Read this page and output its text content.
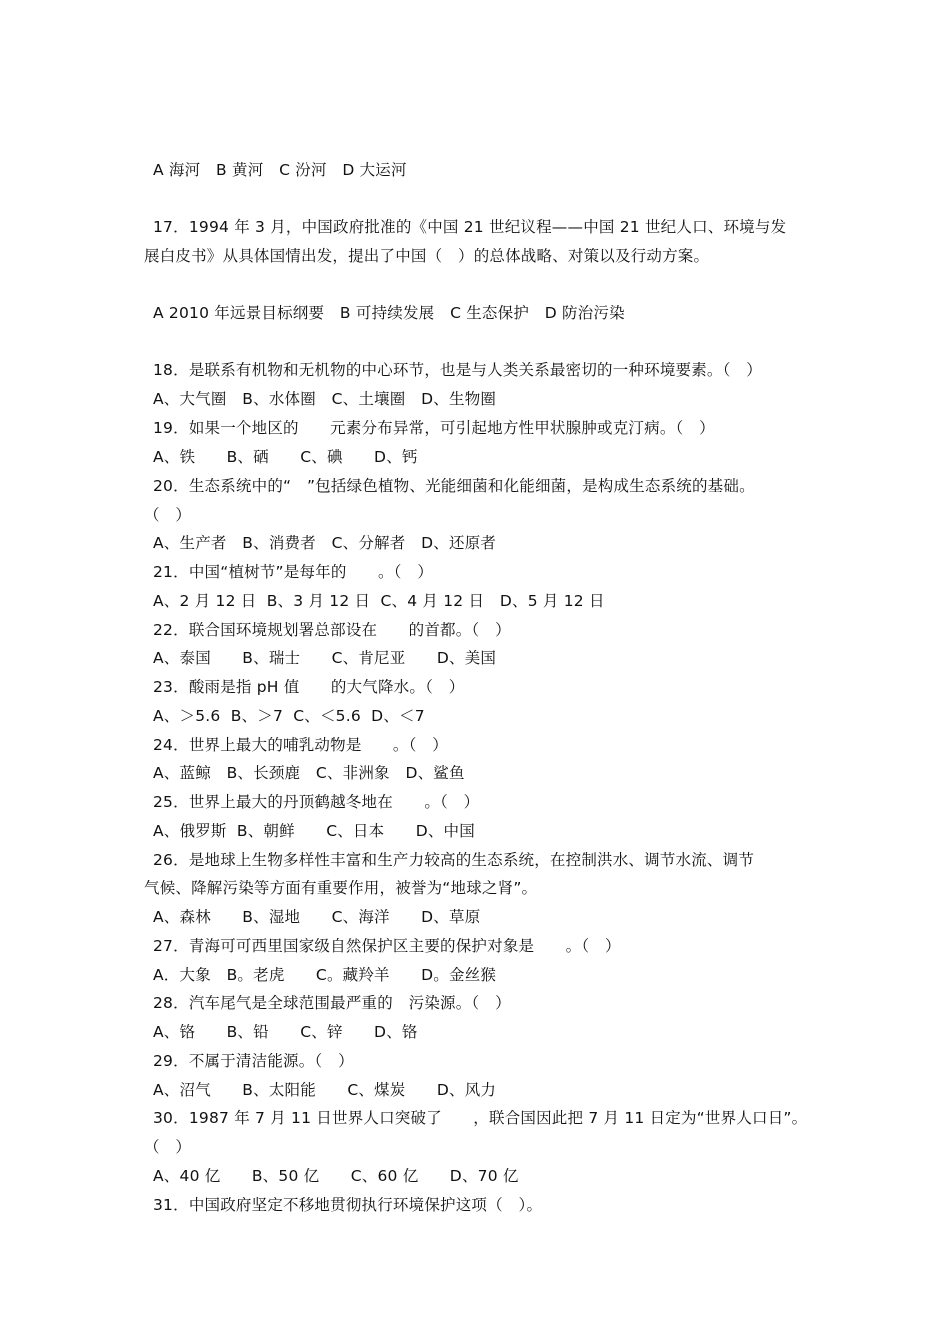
A 海河　B 黄河　C 汾河　D 大运河
17．1994 年 3 月，中国政府批准的《中国 21 世纪议程——中国 21 世纪人口、环境与发
展白皮书》从具体国情出发，提出了中国（　）的总体战略、对策以及行动方案。
A 2010 年远景目标纲要　B 可持续发展　C 生态保护　D 防治污染
18．是联系有机物和无机物的中心环节，也是与人类关系最密切的一种环境要素。（　）
A、大气圈　B、水体圈　C、土壤圈　D、生物圈
19．如果一个地区的　　元素分布异常，可引起地方性甲状腺肿或克汀病。（　）
A、铁　　B、硒　　C、碘　　D、钙
20．生态系统中的“　”包括绿色植物、光能细菌和化能细菌，是构成生态系统的基础。
（　）
A、生产者　B、消费者　C、分解者　D、还原者
21．中国“植树节”是每年的　　。（　）
A、2 月 12 日  B、3 月 12 日  C、4 月 12 日　D、5 月 12 日
22．联合国环境规划署总部设在　　的首都。（　）
A、泰国　　B、瑞士　　C、肯尼亚　　D、美国
23．酸雨是指 pH 值　　的大气降水。（　）
A、＞5.6  B、＞7  C、＜5.6  D、＜7
24．世界上最大的哺乳动物是　　。（　）
A、蓝鲸　B、长颈鹿　C、非洲象　D、鲨鱼
25．世界上最大的丹顶鹤越冬地在　　。（　）
A、俄罗斯  B、朝鲜　　C、日本　　D、中国
26．是地球上生物多样性丰富和生产力较高的生态系统，在控制洪水、调节水流、调节
气候、降解污染等方面有重要作用，被誉为“地球之肾”。
A、森林　　B、湿地　　C、海洋　　D、草原
27．青海可可西里国家级自然保护区主要的保护对象是　　。（　）
A．大象　B。老虎　　C。藏羚羊　　D。金丝猴
28．汽车尾气是全球范围最严重的　污染源。（　）
A、铬　　B、铅　　C、锌　　D、铬
29．不属于清洁能源。（　）
A、沼气　　B、太阳能　　C、煤炭　　D、风力
30．1987 年 7 月 11 日世界人口突破了　　，联合国因此把 7 月 11 日定为“世界人口日”。
（　）
A、40 亿　　B、50 亿　　C、60 亿　　D、70 亿
31．中国政府坚定不移地贯彻执行环境保护这项（　）。
